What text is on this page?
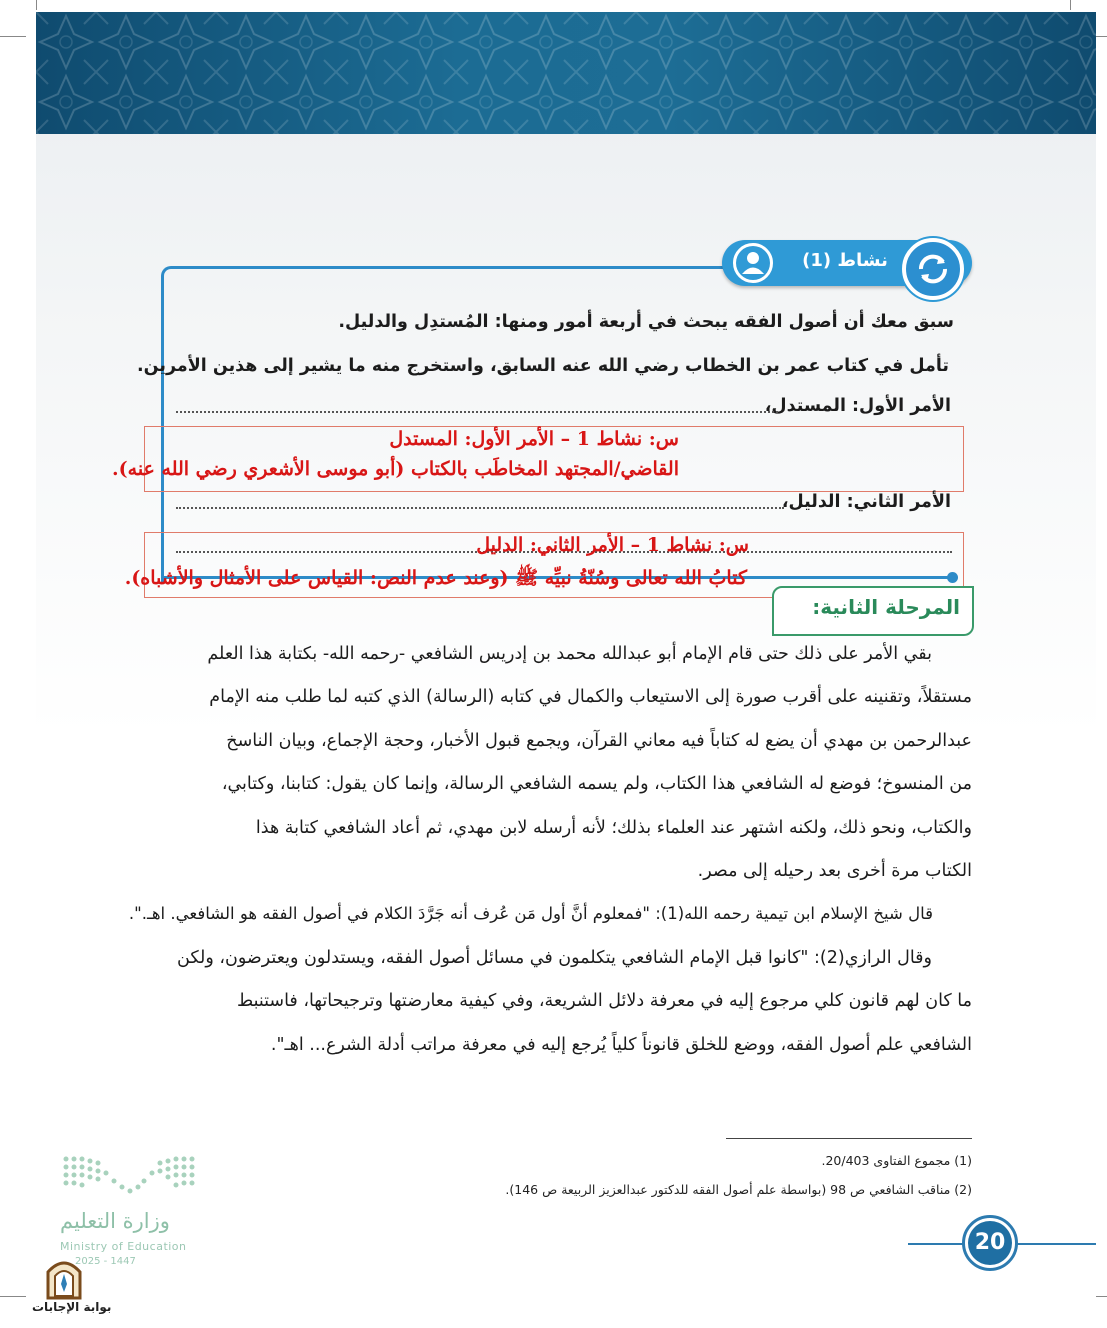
نشاط (1)
سبق معك أن أصول الفقه يبحث في أربعة أمور ومنها: المُستدِل والدليل.
تأمل في كتاب عمر بن الخطاب رضي الله عنه السابق، واستخرج منه ما يشير إلى هذين الأمرين.
الأمر الأول: المستدل،
س: نشاط 1 – الأمر الأول: المستدل
القاضي/المجتهد المخاطَب بالكتاب (أبو موسى الأشعري رضي الله عنه).
الأمر الثاني: الدليل،
س: نشاط 1 – الأمر الثاني: الدليل
كتابُ الله تعالى وسُنّةُ نبيِّه ﷺ (وعند عدم النص: القياس على الأمثال والأشباه).
المرحلة الثانية:
بقي الأمر على ذلك حتى قام الإمام أبو عبدالله محمد بن إدريس الشافعي -رحمه الله- بكتابة هذا العلم
مستقلاً، وتقنينه على أقرب صورة إلى الاستيعاب والكمال في كتابه (الرسالة) الذي كتبه لما طلب منه الإمام
عبدالرحمن بن مهدي أن يضع له كتاباً فيه معاني القرآن، ويجمع قبول الأخبار، وحجة الإجماع، وبيان الناسخ
من المنسوخ؛ فوضع له الشافعي هذا الكتاب، ولم يسمه الشافعي الرسالة، وإنما كان يقول: كتابنا، وكتابي،
والكتاب، ونحو ذلك، ولكنه اشتهر عند العلماء بذلك؛ لأنه أرسله لابن مهدي، ثم أعاد الشافعي كتابة هذا
الكتاب مرة أخرى بعد رحيله إلى مصر.
قال شيخ الإسلام ابن تيمية رحمه الله(1): "فمعلوم أنَّ أول مَن عُرف أنه جَرَّدَ الكلام في أصول الفقه هو الشافعي. اهـ.".
وقال الرازي(2): "كانوا قبل الإمام الشافعي يتكلمون في مسائل أصول الفقه، ويستدلون ويعترضون، ولكن
ما كان لهم قانون كلي مرجوع إليه في معرفة دلائل الشريعة، وفي كيفية معارضتها وترجيحاتها، فاستنبط
الشافعي علم أصول الفقه، ووضع للخلق قانوناً كلياً يُرجع إليه في معرفة مراتب أدلة الشرع... اهـ".
(1) مجموع الفتاوى 20/403.
(2) مناقب الشافعي ص 98 (بواسطة علم أصول الفقه للدكتور عبدالعزيز الربيعة ص 146).
20
وزارة التعليم
Ministry of Education
2025 - 1447
بوابة الإجابات
